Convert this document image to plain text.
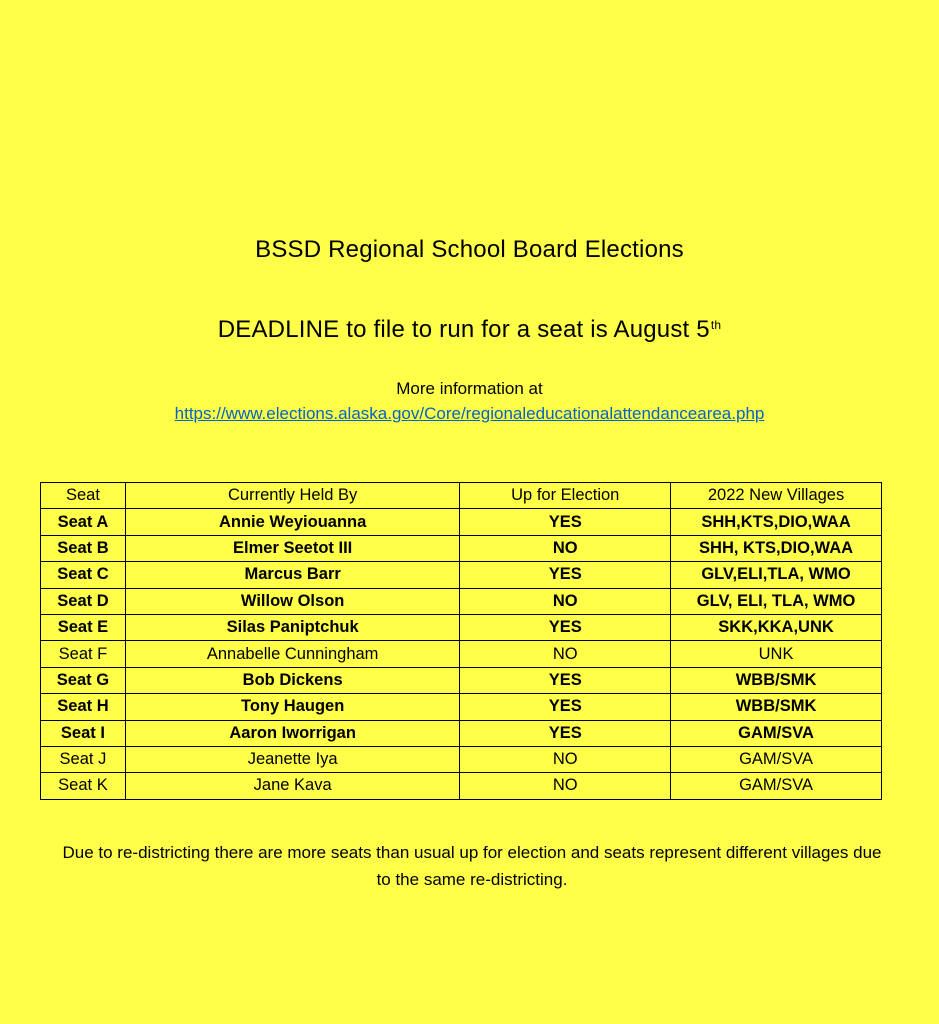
BSSD Regional School Board Elections
DEADLINE to file to run for a seat is August 5th
More information at
https://www.elections.alaska.gov/Core/regionaleducationalattendancearea.php
Seat	Currently Held By	Up for Election	2022 New Villages
Seat A	Annie Weyiouanna	YES	SHH,KTS,DIO,WAA
Seat B	Elmer Seetot III	NO	SHH, KTS,DIO,WAA
Seat C	Marcus Barr	YES	GLV,ELI,TLA, WMO
Seat D	Willow Olson	NO	GLV, ELI, TLA, WMO
Seat E	Silas Paniptchuk	YES	SKK,KKA,UNK
Seat F	Annabelle Cunningham	NO	UNK
Seat G	Bob Dickens	YES	WBB/SMK
Seat H	Tony Haugen	YES	WBB/SMK
Seat I	Aaron Iworrigan	YES	GAM/SVA
Seat J	Jeanette Iya	NO	GAM/SVA
Seat K	Jane Kava	NO	GAM/SVA
Due to re-districting there are more seats than usual up for election and seats represent different villages due to the same re-districting.
